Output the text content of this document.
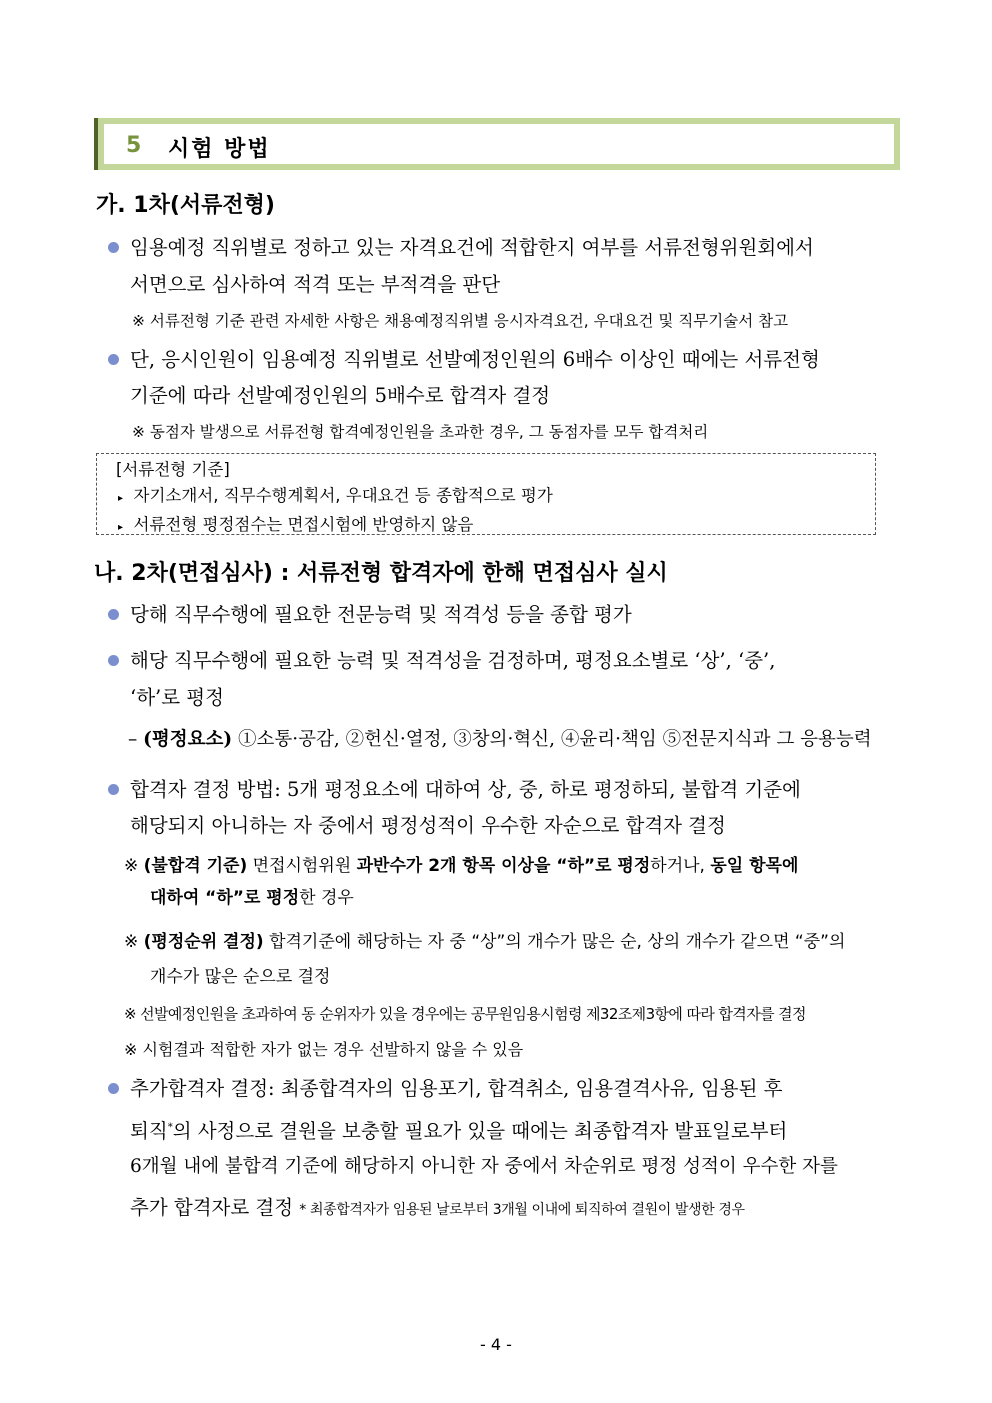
5 시험 방법
가. 1차(서류전형)
임용예정 직위별로 정하고 있는 자격요건에 적합한지 여부를 서류전형위원회에서
서면으로 심사하여 적격 또는 부적격을 판단
※ 서류전형 기준 관련 자세한 사항은 채용예정직위별 응시자격요건, 우대요건 및 직무기술서 참고
단, 응시인원이 임용예정 직위별로 선발예정인원의 6배수 이상인 때에는 서류전형
기준에 따라 선발예정인원의 5배수로 합격자 결정
※ 동점자 발생으로 서류전형 합격예정인원을 초과한 경우, 그 동점자를 모두 합격처리
[서류전형 기준]
▸ 자기소개서, 직무수행계획서, 우대요건 등 종합적으로 평가
▸ 서류전형 평정점수는 면접시험에 반영하지 않음
나. 2차(면접심사) : 서류전형 합격자에 한해 면접심사 실시
당해 직무수행에 필요한 전문능력 및 적격성 등을 종합 평가
해당 직무수행에 필요한 능력 및 적격성을 검정하며, 평정요소별로 ‘상’, ‘중’,
‘하’로 평정
– (평정요소) ①소통·공감, ②헌신·열정, ③창의·혁신, ④윤리·책임 ⑤전문지식과 그 응용능력
합격자 결정 방법: 5개 평정요소에 대하여 상, 중, 하로 평정하되, 불합격 기준에
해당되지 아니하는 자 중에서 평정성적이 우수한 자순으로 합격자 결정
※ (불합격 기준) 면접시험위원 과반수가 2개 항목 이상을 “하”로 평정하거나, 동일 항목에
대하여 “하”로 평정한 경우
※ (평정순위 결정) 합격기준에 해당하는 자 중 “상”의 개수가 많은 순, 상의 개수가 같으면 “중”의
개수가 많은 순으로 결정
※ 선발예정인원을 초과하여 동 순위자가 있을 경우에는 공무원임용시험령 제32조제3항에 따라 합격자를 결정
※ 시험결과 적합한 자가 없는 경우 선발하지 않을 수 있음
추가합격자 결정: 최종합격자의 임용포기, 합격취소, 임용결격사유, 임용된 후
퇴직*의 사정으로 결원을 보충할 필요가 있을 때에는 최종합격자 발표일로부터
6개월 내에 불합격 기준에 해당하지 아니한 자 중에서 차순위로 평정 성적이 우수한 자를
추가 합격자로 결정 * 최종합격자가 임용된 날로부터 3개월 이내에 퇴직하여 결원이 발생한 경우
- 4 -
